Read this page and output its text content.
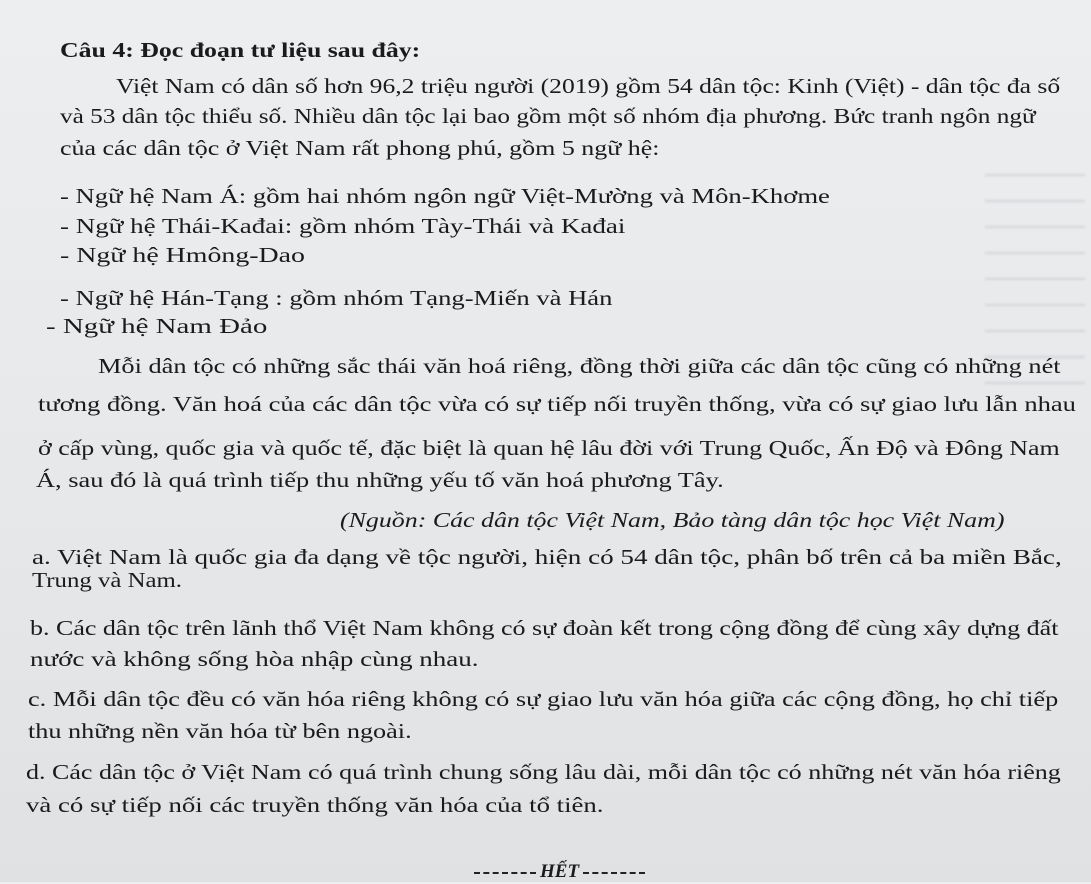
Câu 4: Đọc đoạn tư liệu sau đây:
Việt Nam có dân số hơn 96,2 triệu người (2019) gồm 54 dân tộc: Kinh (Việt) - dân tộc đa số
và 53 dân tộc thiểu số. Nhiều dân tộc lại bao gồm một số nhóm địa phương. Bức tranh ngôn ngữ
của các dân tộc ở Việt Nam rất phong phú, gồm 5 ngữ hệ:
- Ngữ hệ Nam Á: gồm hai nhóm ngôn ngữ Việt-Mường và Môn-Khơme
- Ngữ hệ Thái-Kađai: gồm nhóm Tày-Thái và Kađai
- Ngữ hệ Hmông-Dao
- Ngữ hệ Hán-Tạng : gồm nhóm Tạng-Miến và Hán
- Ngữ hệ Nam Đảo
Mỗi dân tộc có những sắc thái văn hoá riêng, đồng thời giữa các dân tộc cũng có những nét
tương đồng. Văn hoá của các dân tộc vừa có sự tiếp nối truyền thống, vừa có sự giao lưu lẫn nhau
ở cấp vùng, quốc gia và quốc tế, đặc biệt là quan hệ lâu đời với Trung Quốc, Ấn Độ và Đông Nam
Á, sau đó là quá trình tiếp thu những yếu tố văn hoá phương Tây.
(Nguồn: Các dân tộc Việt Nam, Bảo tàng dân tộc học Việt Nam)
a. Việt Nam là quốc gia đa dạng về tộc người, hiện có 54 dân tộc, phân bố trên cả ba miền Bắc,
Trung và Nam.
b. Các dân tộc trên lãnh thổ Việt Nam không có sự đoàn kết trong cộng đồng để cùng xây dựng đất
nước và không sống hòa nhập cùng nhau.
c. Mỗi dân tộc đều có văn hóa riêng không có sự giao lưu văn hóa giữa các cộng đồng, họ chỉ tiếp
thu những nền văn hóa từ bên ngoài.
d. Các dân tộc ở Việt Nam có quá trình chung sống lâu dài, mỗi dân tộc có những nét văn hóa riêng
và có sự tiếp nối các truyền thống văn hóa của tổ tiên.
HẾT
